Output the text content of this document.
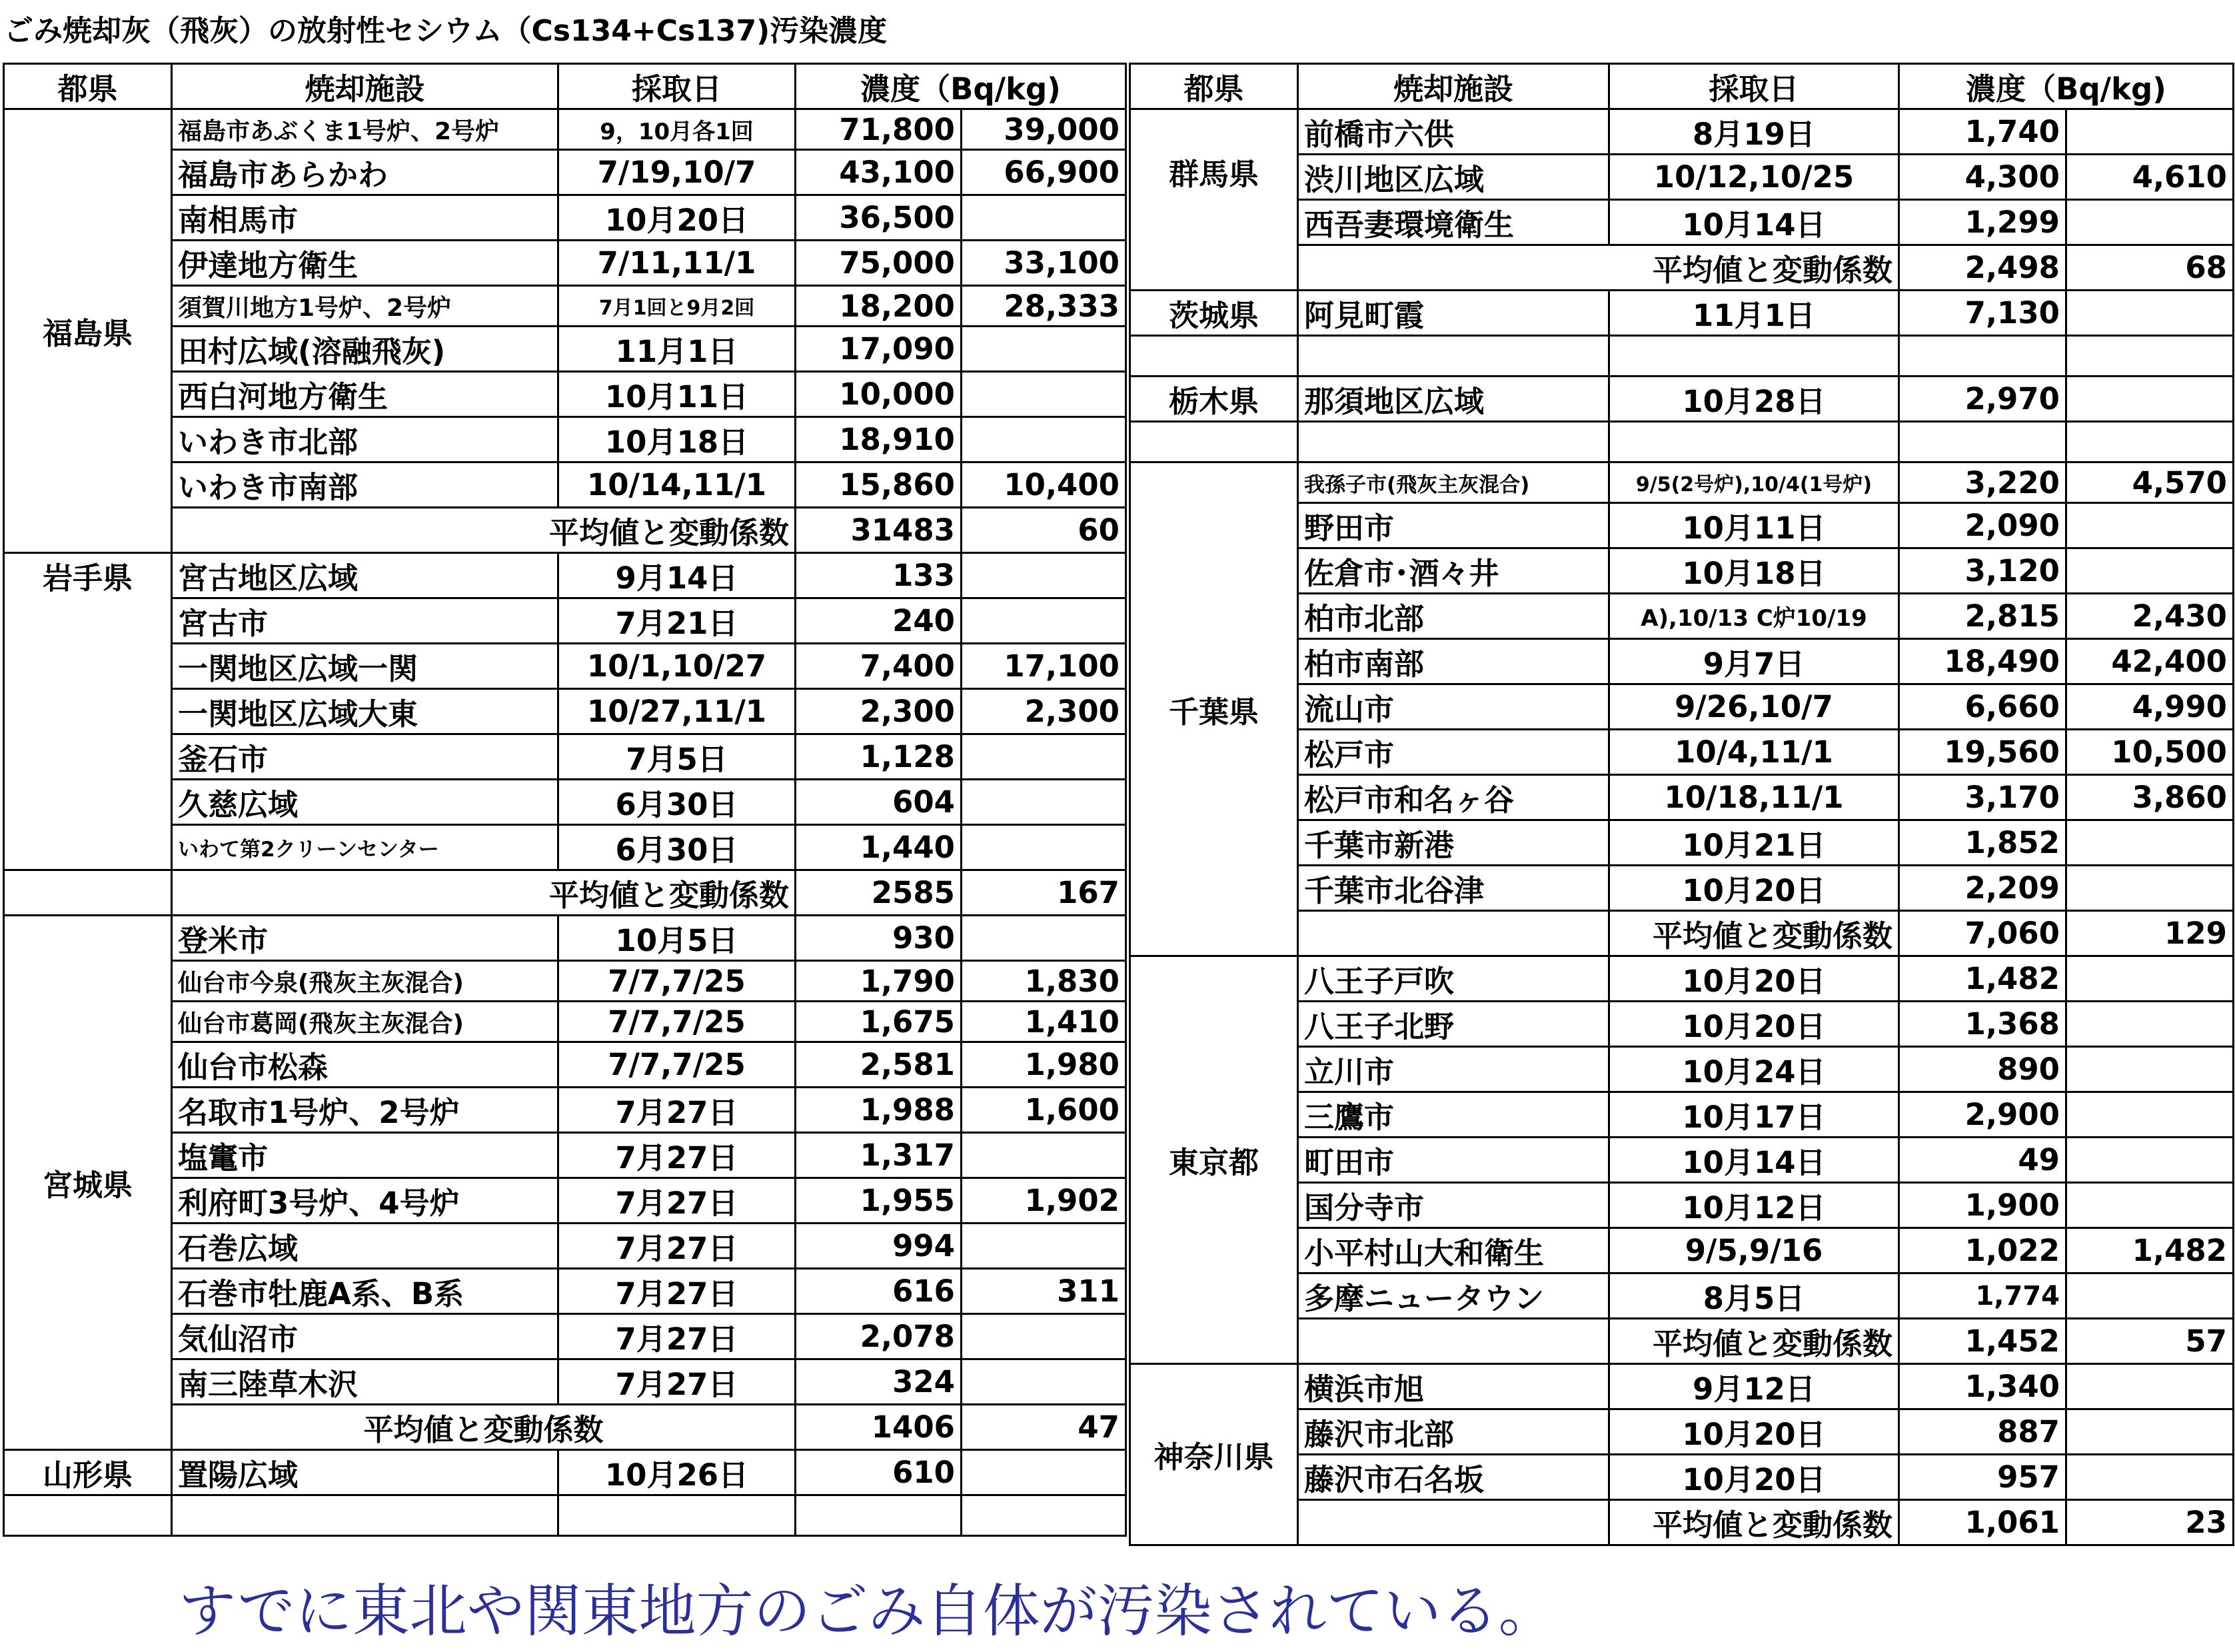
ごみ焼却灰（飛灰）の放射性セシウム（Cs134+Cs137)汚染濃度
都県	焼却施設	採取日	濃度（Bq/kg)	
福島県	福島市あぶくま1号炉、2号炉	9，10月各1回	71,800	39,000
	福島市あらかわ	7/19,10/7	43,100	66,900
	南相馬市	10月20日	36,500	
	伊達地方衛生	7/11,11/1	75,000	33,100
	須賀川地方1号炉、2号炉	7月1回と9月2回	18,200	28,333
	田村広域(溶融飛灰)	11月1日	17,090	
	西白河地方衛生	10月11日	10,000	
	いわき市北部	10月18日	18,910	
	いわき市南部	10/14,11/1	15,860	10,400
	平均値と変動係数		31483	60
岩手県	宮古地区広域	9月14日	133	
	宮古市	7月21日	240	
	一関地区広域一関	10/1,10/27	7,400	17,100
	一関地区広域大東	10/27,11/1	2,300	2,300
	釜石市	7月5日	1,128	
	久慈広域	6月30日	604	
	いわて第2クリーンセンター	6月30日	1,440	
	平均値と変動係数		2585	167
宮城県	登米市	10月5日	930	
	仙台市今泉(飛灰主灰混合)	7/7,7/25	1,790	1,830
	仙台市葛岡(飛灰主灰混合)	7/7,7/25	1,675	1,410
	仙台市松森	7/7,7/25	2,581	1,980
	名取市1号炉、2号炉	7月27日	1,988	1,600
	塩竃市	7月27日	1,317	
	利府町3号炉、4号炉	7月27日	1,955	1,902
	石巻広域	7月27日	994	
	石巻市牡鹿A系、B系	7月27日	616	311
	気仙沼市	7月27日	2,078	
	南三陸草木沢	7月27日	324	
	平均値と変動係数		1406	47
山形県	置陽広域	10月26日	610	

都県	焼却施設	採取日	濃度（Bq/kg)	
群馬県	前橋市六供	8月19日	1,740	
	渋川地区広域	10/12,10/25	4,300	4,610
	西吾妻環境衛生	10月14日	1,299	
	平均値と変動係数		2,498	68
茨城県	阿見町霞	11月1日	7,130	

栃木県	那須地区広域	10月28日	2,970	

千葉県	我孫子市(飛灰主灰混合)	9/5(2号炉),10/4(1号炉)	3,220	4,570
	野田市	10月11日	2,090	
	佐倉市･酒々井	10月18日	3,120	
	柏市北部	A),10/13 C炉10/19	2,815	2,430
	柏市南部	9月7日	18,490	42,400
	流山市	9/26,10/7	6,660	4,990
	松戸市	10/4,11/1	19,560	10,500
	松戸市和名ヶ谷	10/18,11/1	3,170	3,860
	千葉市新港	10月21日	1,852	
	千葉市北谷津	10月20日	2,209	
		平均値と変動係数	7,060	129
東京都	八王子戸吹	10月20日	1,482	
	八王子北野	10月20日	1,368	
	立川市	10月24日	890	
	三鷹市	10月17日	2,900	
	町田市	10月14日	49	
	国分寺市	10月12日	1,900	
	小平村山大和衛生	9/5,9/16	1,022	1,482
	多摩ニュータウン	8月5日	1,774	
		平均値と変動係数	1,452	57
神奈川県	横浜市旭	9月12日	1,340	
	藤沢市北部	10月20日	887	
	藤沢市石名坂	10月20日	957	
		平均値と変動係数	1,061	23
すでに東北や関東地方のごみ自体が汚染されている。
